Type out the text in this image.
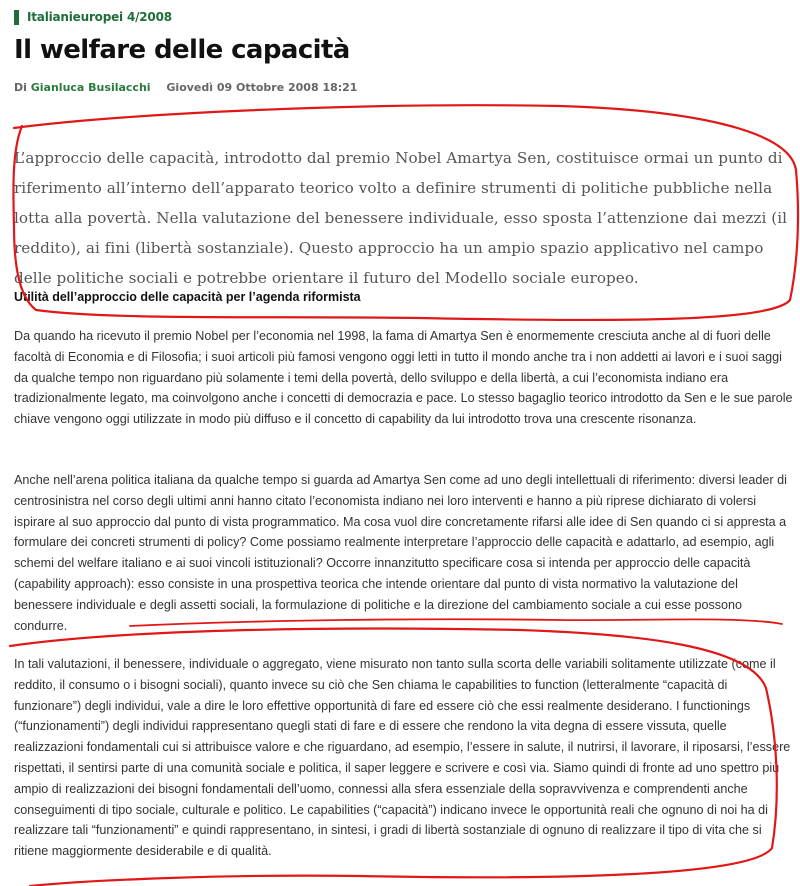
Italianieuropei 4/2008
Il welfare delle capacità
Di Gianluca Busilacchi Giovedì 09 Ottobre 2008 18:21

L’approccio delle capacità, introdotto dal premio Nobel Amartya Sen, costituisce ormai un punto di riferimento all’interno dell’apparato teorico volto a definire strumenti di politiche pubbliche nella lotta alla povertà. Nella valutazione del benessere individuale, esso sposta l’attenzione dai mezzi (il reddito), ai fini (libertà sostanziale). Questo approccio ha un ampio spazio applicativo nel campo delle politiche sociali e potrebbe orientare il futuro del Modello sociale europeo.

Utilità dell’approccio delle capacità per l’agenda riformista

Da quando ha ricevuto il premio Nobel per l’economia nel 1998, la fama di Amartya Sen è enormemente cresciuta anche al di fuori delle facoltà di Economia e di Filosofia; i suoi articoli più famosi vengono oggi letti in tutto il mondo anche tra i non addetti ai lavori e i suoi saggi da qualche tempo non riguardano più solamente i temi della povertà, dello sviluppo e della libertà, a cui l’economista indiano era tradizionalmente legato, ma coinvolgono anche i concetti di democrazia e pace. Lo stesso bagaglio teorico introdotto da Sen e le sue parole chiave vengono oggi utilizzate in modo più diffuso e il concetto di capability da lui introdotto trova una crescente risonanza.

Anche nell’arena politica italiana da qualche tempo si guarda ad Amartya Sen come ad uno degli intellettuali di riferimento: diversi leader di centrosinistra nel corso degli ultimi anni hanno citato l’economista indiano nei loro interventi e hanno a più riprese dichiarato di volersi ispirare al suo approccio dal punto di vista programmatico. Ma cosa vuol dire concretamente rifarsi alle idee di Sen quando ci si appresta a formulare dei concreti strumenti di policy? Come possiamo realmente interpretare l’approccio delle capacità e adattarlo, ad esempio, agli schemi del welfare italiano e ai suoi vincoli istituzionali? Occorre innanzitutto specificare cosa si intenda per approccio delle capacità (capability approach): esso consiste in una prospettiva teorica che intende orientare dal punto di vista normativo la valutazione del benessere individuale e degli assetti sociali, la formulazione di politiche e la direzione del cambiamento sociale a cui esse possono condurre.

In tali valutazioni, il benessere, individuale o aggregato, viene misurato non tanto sulla scorta delle variabili solitamente utilizzate (come il reddito, il consumo o i bisogni sociali), quanto invece su ciò che Sen chiama le capabilities to function (letteralmente “capacità di funzionare”) degli individui, vale a dire le loro effettive opportunità di fare ed essere ciò che essi realmente desiderano. I functionings (“funzionamenti”) degli individui rappresentano quegli stati di fare e di essere che rendono la vita degna di essere vissuta, quelle realizzazioni fondamentali cui si attribuisce valore e che riguardano, ad esempio, l’essere in salute, il nutrirsi, il lavorare, il riposarsi, l’essere rispettati, il sentirsi parte di una comunità sociale e politica, il saper leggere e scrivere e così via. Siamo quindi di fronte ad uno spettro più ampio di realizzazioni dei bisogni fondamentali dell’uomo, connessi alla sfera essenziale della sopravvivenza e comprendenti anche conseguimenti di tipo sociale, culturale e politico. Le capabilities (“capacità”) indicano invece le opportunità reali che ognuno di noi ha di realizzare tali “funzionamenti” e quindi rappresentano, in sintesi, i gradi di libertà sostanziale di ognuno di realizzare il tipo di vita che si ritiene maggiormente desiderabile e di qualità.
